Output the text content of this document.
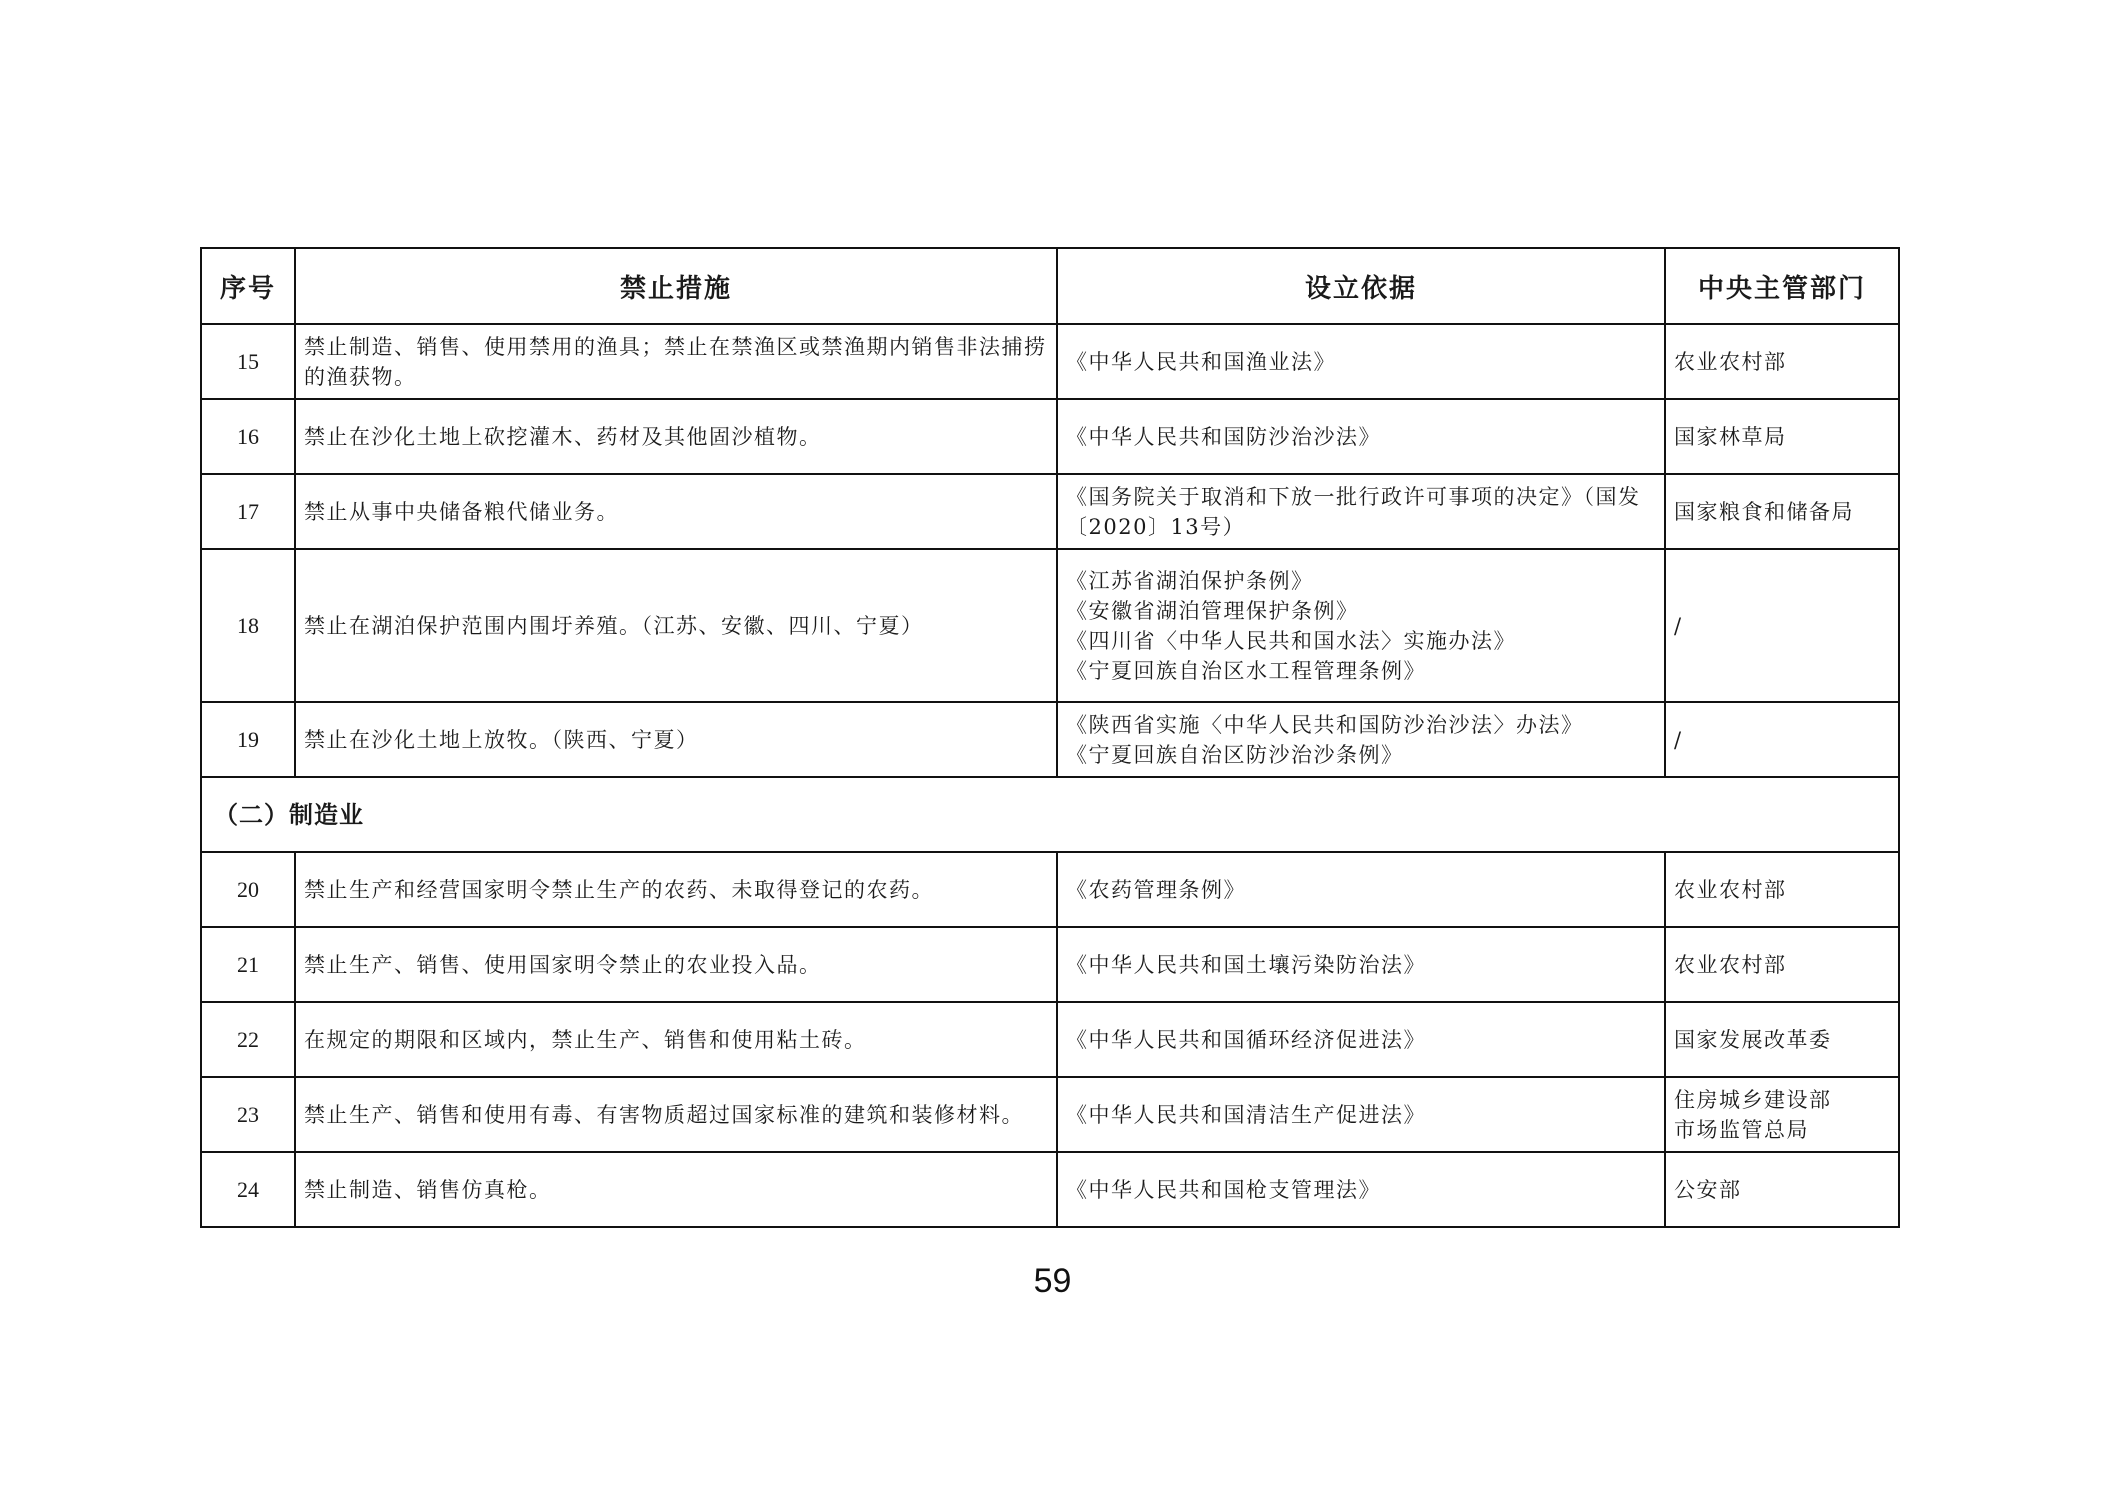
序号	禁止措施	设立依据	中央主管部门
15	禁止制造、销售、使用禁用的渔具；禁止在禁渔区或禁渔期内销售非法捕捞的渔获物。	《中华人民共和国渔业法》	农业农村部

16	禁止在沙化土地上砍挖灌木、药材及其他固沙植物。	《中华人民共和国防沙治沙法》	国家林草局

17	禁止从事中央储备粮代储业务。	《国务院关于取消和下放一批行政许可事项的决定》（国发〔2020〕13号）	国家粮食和储备局

18	禁止在湖泊保护范围内围圩养殖。（江苏、安徽、四川、宁夏）	《江苏省湖泊保护条例》
《安徽省湖泊管理保护条例》
《四川省〈中华人民共和国水法〉实施办法》
《宁夏回族自治区水工程管理条例》	/

19	禁止在沙化土地上放牧。（陕西、宁夏）	《陕西省实施〈中华人民共和国防沙治沙法〉办法》
《宁夏回族自治区防沙治沙条例》	/

（二）制造业			
20	禁止生产和经营国家明令禁止生产的农药、未取得登记的农药。	《农药管理条例》	农业农村部

21	禁止生产、销售、使用国家明令禁止的农业投入品。	《中华人民共和国土壤污染防治法》	农业农村部

22	在规定的期限和区域内，禁止生产、销售和使用粘土砖。	《中华人民共和国循环经济促进法》	国家发展改革委

23	禁止生产、销售和使用有毒、有害物质超过国家标准的建筑和装修材料。	《中华人民共和国清洁生产促进法》	住房城乡建设部
市场监管总局

24	禁止制造、销售仿真枪。	《中华人民共和国枪支管理法》	公安部
59
